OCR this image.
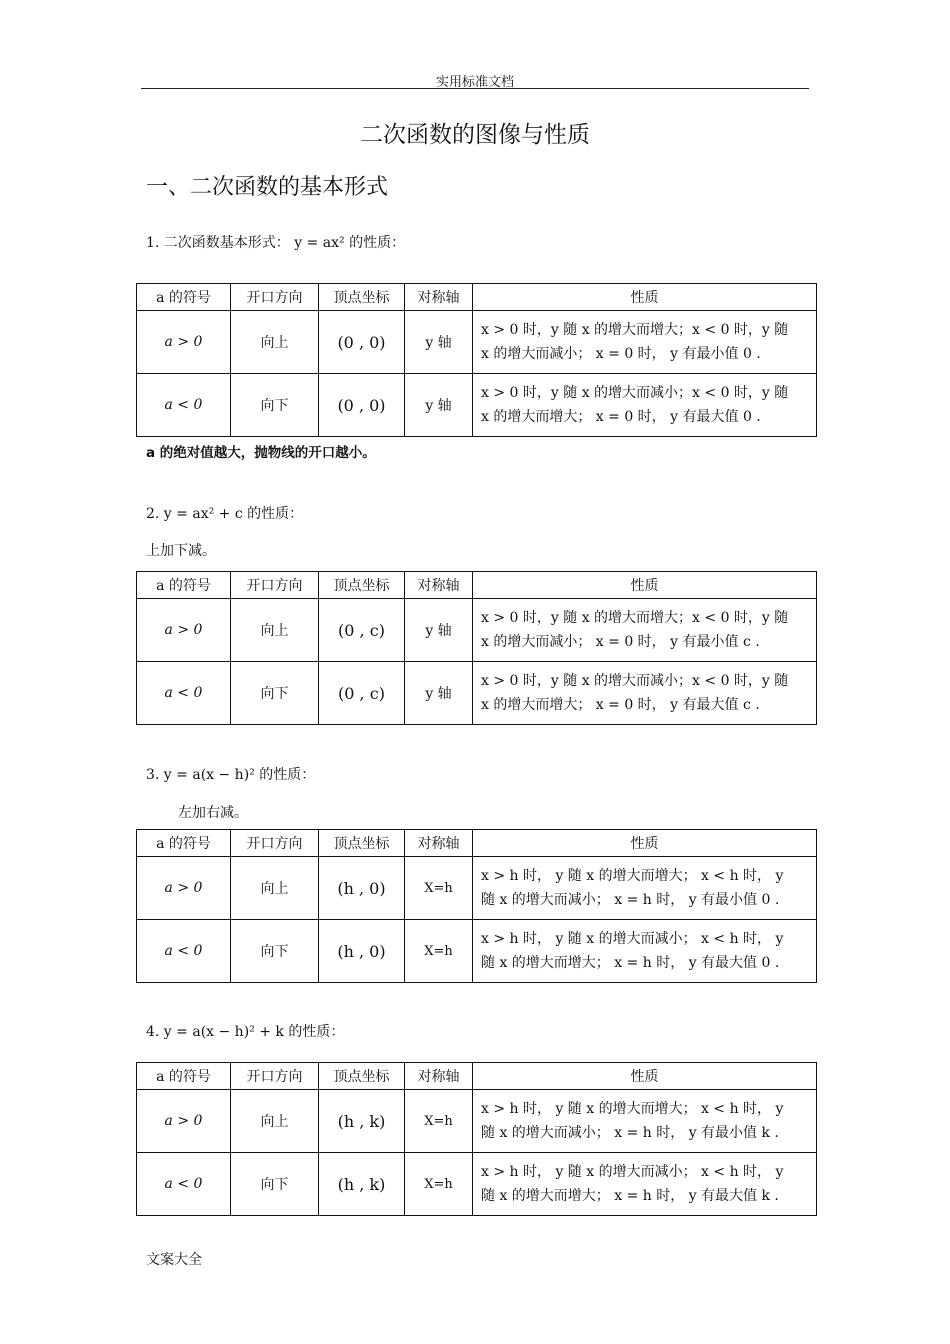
实用标准文档
二次函数的图像与性质
一、二次函数的基本形式
1. 二次函数基本形式： y = ax² 的性质：
a 的符号	开口方向	顶点坐标	对称轴	性质
a > 0	向上	(0 , 0)	y 轴	x > 0 时，y 随 x 的增大而增大；x < 0 时，y 随
x 的增大而减小； x = 0 时， y 有最小值 0 .

a < 0	向下	(0 , 0)	y 轴	x > 0 时，y 随 x 的增大而减小；x < 0 时，y 随
x 的增大而增大； x = 0 时， y 有最大值 0 .
a 的绝对值越大，抛物线的开口越小。
2. y = ax² + c 的性质：
上加下减。
a 的符号	开口方向	顶点坐标	对称轴	性质
a > 0	向上	(0 , c)	y 轴	x > 0 时，y 随 x 的增大而增大；x < 0 时，y 随
x 的增大而减小； x = 0 时， y 有最小值 c .

a < 0	向下	(0 , c)	y 轴	x > 0 时，y 随 x 的增大而减小；x < 0 时，y 随
x 的增大而增大； x = 0 时， y 有最大值 c .
3. y = a(x − h)² 的性质：
左加右减。
a 的符号	开口方向	顶点坐标	对称轴	性质
a > 0	向上	(h , 0)	X=h	x > h 时， y 随 x 的增大而增大； x < h 时， y
随 x 的增大而减小； x = h 时， y 有最小值 0 .

a < 0	向下	(h , 0)	X=h	x > h 时， y 随 x 的增大而减小； x < h 时， y
随 x 的增大而增大； x = h 时， y 有最大值 0 .
4. y = a(x − h)² + k 的性质：
a 的符号	开口方向	顶点坐标	对称轴	性质
a > 0	向上	(h , k)	X=h	x > h 时， y 随 x 的增大而增大； x < h 时， y
随 x 的增大而减小； x = h 时， y 有最小值 k .

a < 0	向下	(h , k)	X=h	x > h 时， y 随 x 的增大而减小； x < h 时， y
随 x 的增大而增大； x = h 时， y 有最大值 k .
文案大全
